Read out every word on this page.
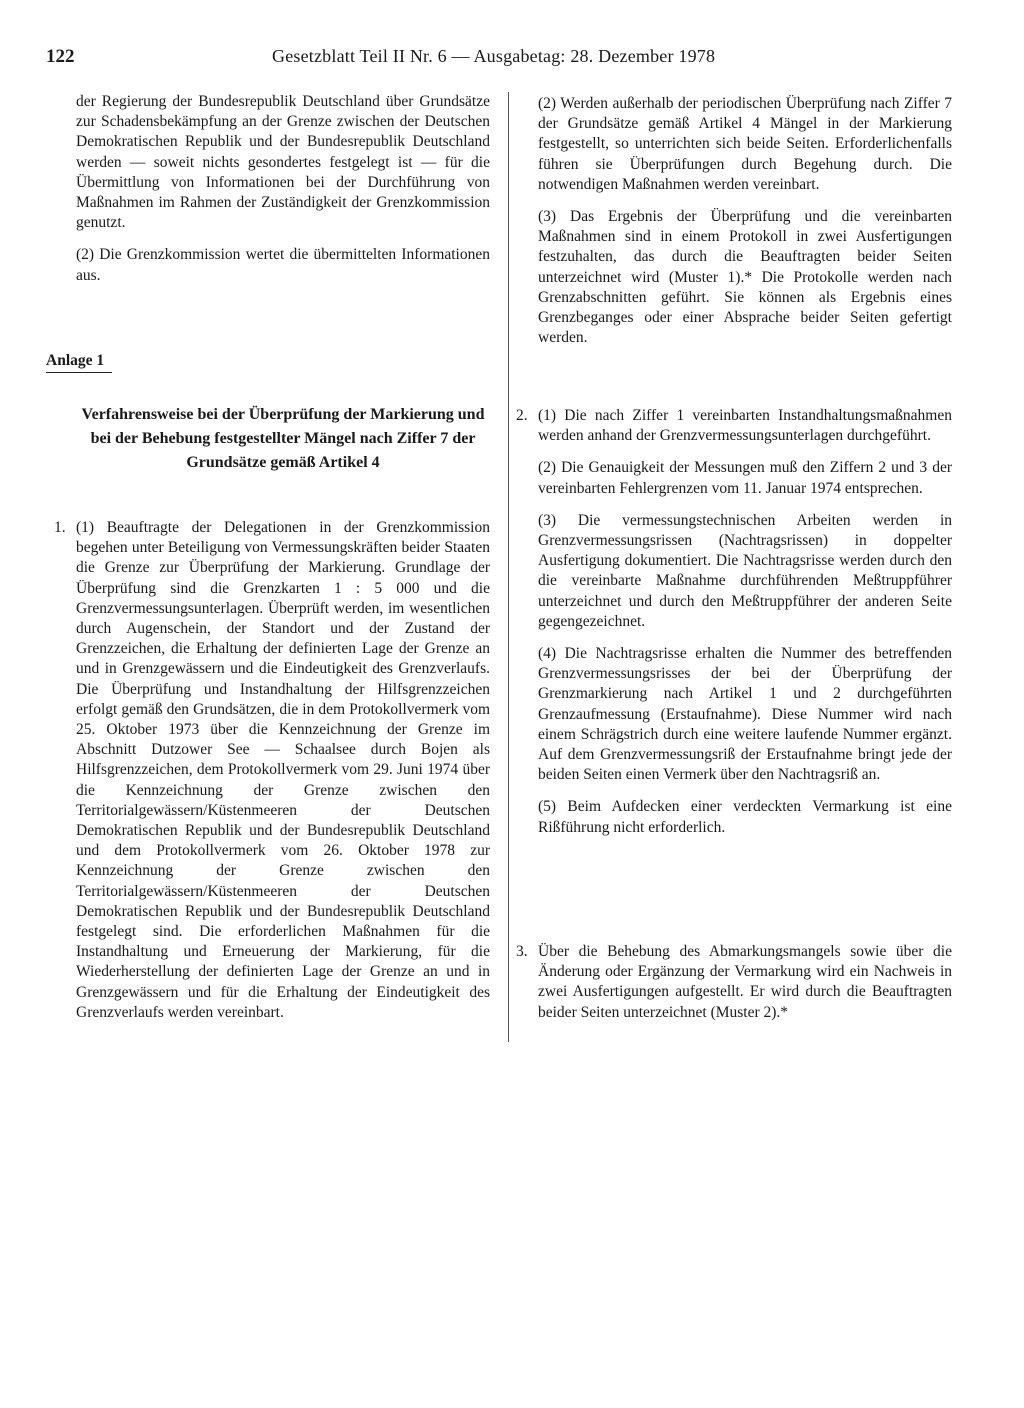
122	Gesetzblatt Teil II Nr. 6 — Ausgabetag: 28. Dezember 1978

der Regierung der Bundesrepublik Deutschland über Grundsätze zur Schadensbekämpfung an der Grenze zwischen der Deutschen Demokratischen Republik und der Bundesrepublik Deutschland werden — soweit nichts gesondertes festgelegt ist — für die Übermittlung von Informationen bei der Durchführung von Maßnahmen im Rahmen der Zuständigkeit der Grenzkommission genutzt.

(2) Die Grenzkommission wertet die übermittelten Informationen aus.

Anlage 1
Verfahrensweise bei der Überprüfung der Markierung und bei der Behebung festgestellter Mängel nach Ziffer 7 der Grundsätze gemäß Artikel 4
1. (1) Beauftragte der Delegationen in der Grenzkommission begehen unter Beteiligung von Vermessungskräften beider Staaten die Grenze zur Überprüfung der Markierung. Grundlage der Überprüfung sind die Grenzkarten 1 : 5 000 und die Grenzvermessungsunterlagen. Überprüft werden, im wesentlichen durch Augenschein, der Standort und der Zustand der Grenzzeichen, die Erhaltung der definierten Lage der Grenze an und in Grenzgewässern und die Eindeutigkeit des Grenzverlaufs. Die Überprüfung und Instandhaltung der Hilfsgrenzzeichen erfolgt gemäß den Grundsätzen, die in dem Protokollvermerk vom 25. Oktober 1973 über die Kennzeichnung der Grenze im Abschnitt Dutzower See — Schaalsee durch Bojen als Hilfsgrenzzeichen, dem Protokollvermerk vom 29. Juni 1974 über die Kennzeichnung der Grenze zwischen den Territorialgewässern/Küstenmeeren der Deutschen Demokratischen Republik und der Bundesrepublik Deutschland und dem Protokollvermerk vom 26. Oktober 1978 zur Kennzeichnung der Grenze zwischen den Territorialgewässern/Küstenmeeren der Deutschen Demokratischen Republik und der Bundesrepublik Deutschland festgelegt sind. Die erforderlichen Maßnahmen für die Instandhaltung und Erneuerung der Markierung, für die Wiederherstellung der definierten Lage der Grenze an und in Grenzgewässern und für die Erhaltung der Eindeutigkeit des Grenzverlaufs werden vereinbart.

(2) Werden außerhalb der periodischen Überprüfung nach Ziffer 7 der Grundsätze gemäß Artikel 4 Mängel in der Markierung festgestellt, so unterrichten sich beide Seiten. Erforderlichenfalls führen sie Überprüfungen durch Begehung durch. Die notwendigen Maßnahmen werden vereinbart.

(3) Das Ergebnis der Überprüfung und die vereinbarten Maßnahmen sind in einem Protokoll in zwei Ausfertigungen festzuhalten, das durch die Beauftragten beider Seiten unterzeichnet wird (Muster 1).* Die Protokolle werden nach Grenzabschnitten geführt. Sie können als Ergebnis eines Grenzbeganges oder einer Absprache beider Seiten gefertigt werden.

2. (1) Die nach Ziffer 1 vereinbarten Instandhaltungsmaßnahmen werden anhand der Grenzvermessungsunterlagen durchgeführt.

(2) Die Genauigkeit der Messungen muß den Ziffern 2 und 3 der vereinbarten Fehlergrenzen vom 11. Januar 1974 entsprechen.

(3) Die vermessungstechnischen Arbeiten werden in Grenzvermessungsrissen (Nachtragsrissen) in doppelter Ausfertigung dokumentiert. Die Nachtragsrisse werden durch den die vereinbarte Maßnahme durchführenden Meßtruppführer unterzeichnet und durch den Meßtruppführer der anderen Seite gegengezeichnet.

(4) Die Nachtragsrisse erhalten die Nummer des betreffenden Grenzvermessungsrisses der bei der Überprüfung der Grenzmarkierung nach Artikel 1 und 2 durchgeführten Grenzaufmessung (Erstaufnahme). Diese Nummer wird nach einem Schrägstrich durch eine weitere laufende Nummer ergänzt. Auf dem Grenzvermessungsriß der Erstaufnahme bringt jede der beiden Seiten einen Vermerk über den Nachtragsriß an.

(5) Beim Aufdecken einer verdeckten Vermarkung ist eine Rißführung nicht erforderlich.

3. Über die Behebung des Abmarkungsmangels sowie über die Änderung oder Ergänzung der Vermarkung wird ein Nachweis in zwei Ausfertigungen aufgestellt. Er wird durch die Beauftragten beider Seiten unterzeichnet (Muster 2).*
